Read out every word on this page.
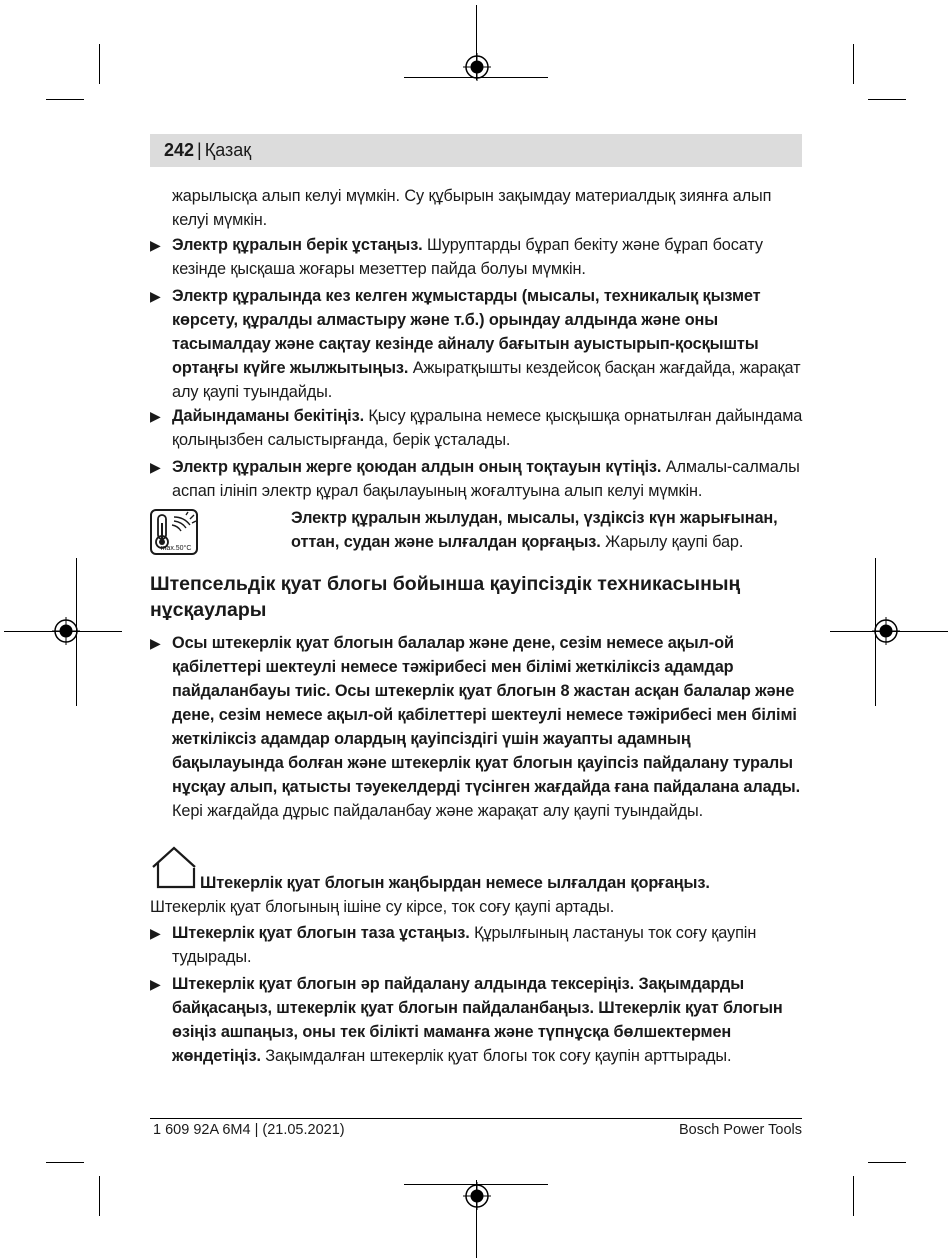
242 | Қазақ
жарылысқа алып келуі мүмкін. Су құбырын зақымдау материалдық зиянға алып келуі мүмкін.
▶ Электр құралын берік ұстаңыз. Шуруптарды бұрап бекіту және бұрап босату кезінде қысқаша жоғары мезеттер пайда болуы мүмкін.
▶ Электр құралында кез келген жұмыстарды (мысалы, техникалық қызмет көрсету, құралды алмастыру және т.б.) орындау алдында және оны тасымалдау және сақтау кезінде айналу бағытын ауыстырып-қосқышты ортаңғы күйге жылжытыңыз. Ажыратқышты кездейсоқ басқан жағдайда, жарақат алу қаупі туындайды.
▶ Дайындаманы бекітіңіз. Қысу құралына немесе қысқышқа орнатылған дайындама қолыңызбен салыстырғанда, берік ұсталады.
▶ Электр құралын жерге қоюдан алдын оның тоқтауын күтіңіз. Алмалы-салмалы аспап ілініп электр құрал бақылауының жоғалтуына алып келуі мүмкін.
max.50°C
Электр құралын жылудан, мысалы, үздіксіз күн жарығынан, оттан, судан және ылғалдан қорғаңыз. Жарылу қаупі бар.
Штепсельдік қуат блогы бойынша қауіпсіздік техникасының нұсқаулары
▶ Осы штекерлік қуат блогын балалар және дене, сезім немесе ақыл-ой қабілеттері шектеулі немесе тәжірибесі мен білімі жеткіліксіз адамдар пайдаланбауы тиіс. Осы штекерлік қуат блогын 8 жастан асқан балалар және дене, сезім немесе ақыл-ой қабілеттері шектеулі немесе тәжірибесі мен білімі жеткіліксіз адамдар олардың қауіпсіздігі үшін жауапты адамның бақылауында болған және штекерлік қуат блогын қауіпсіз пайдалану туралы нұсқау алып, қатысты тәуекелдерді түсінген жағдайда ғана пайдалана алады. Кері жағдайда дұрыс пайдаланбау және жарақат алу қаупі туындайды.
Штекерлік қуат блогын жаңбырдан немесе ылғалдан қорғаңыз.
Штекерлік қуат блогының ішіне су кірсе, ток соғу қаупі артады.
▶ Штекерлік қуат блогын таза ұстаңыз. Құрылғының ластануы ток соғу қаупін тудырады.
▶ Штекерлік қуат блогын әр пайдалану алдында тексеріңіз. Зақымдарды байқасаңыз, штекерлік қуат блогын пайдаланбаңыз. Штекерлік қуат блогын өзіңіз ашпаңыз, оны тек білікті маманға және түпнұсқа бөлшектермен жөндетіңіз. Зақымдалған штекерлік қуат блогы ток соғу қаупін арттырады.
1 609 92A 6M4 | (21.05.2021)	Bosch Power Tools
